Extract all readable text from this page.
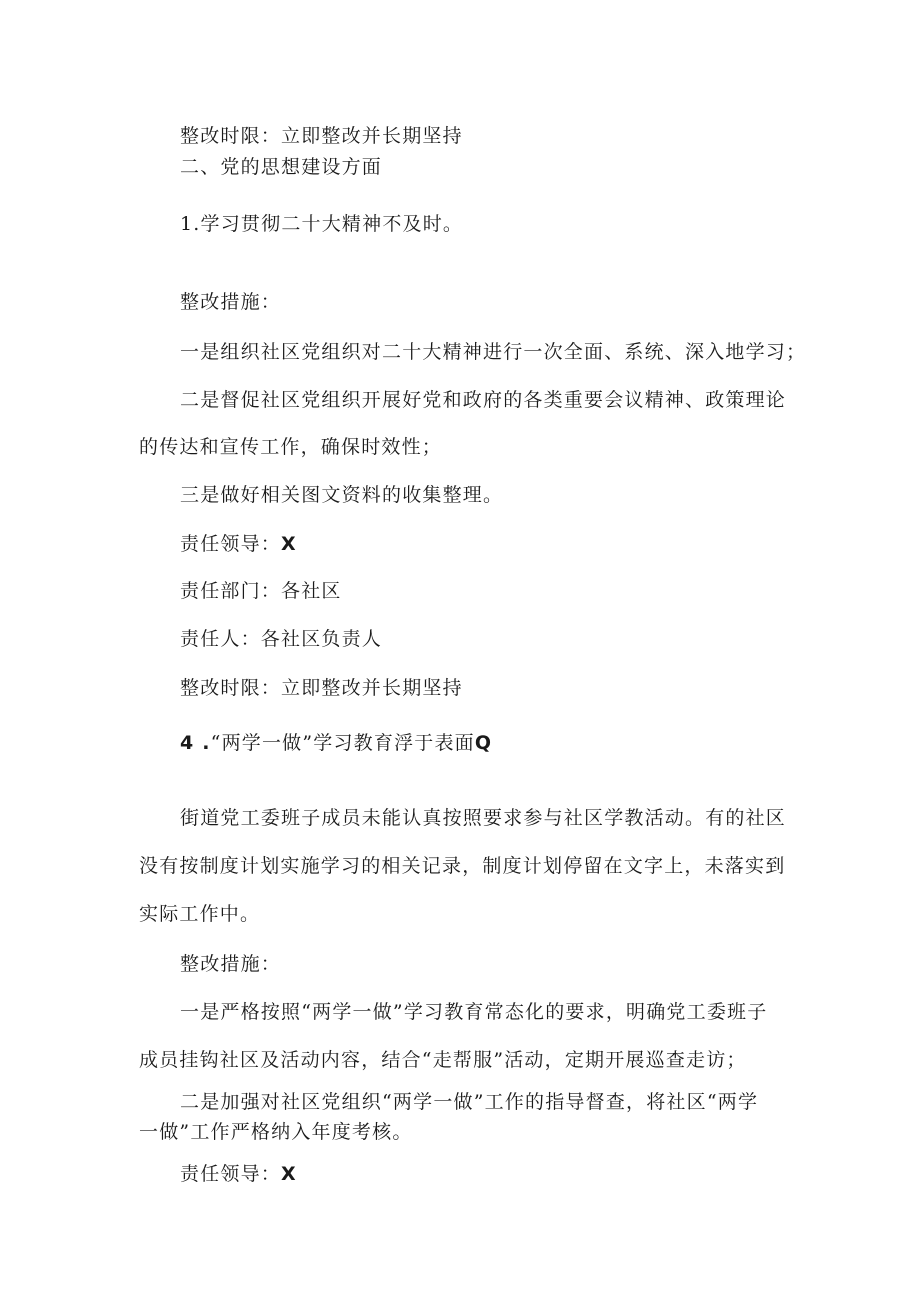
整改时限：立即整改并长期坚持
二、党的思想建设方面
1.学习贯彻二十大精神不及时。
整改措施：
一是组织社区党组织对二十大精神进行一次全面、系统、深入地学习；
二是督促社区党组织开展好党和政府的各类重要会议精神、政策理论
的传达和宣传工作，确保时效性；
三是做好相关图文资料的收集整理。
责任领导：X
责任部门：各社区
责任人：各社区负责人
整改时限：立即整改并长期坚持
4 .“两学一做”学习教育浮于表面Q
街道党工委班子成员未能认真按照要求参与社区学教活动。有的社区
没有按制度计划实施学习的相关记录，制度计划停留在文字上，未落实到
实际工作中。
整改措施：
一是严格按照“两学一做”学习教育常态化的要求，明确党工委班子
成员挂钩社区及活动内容，结合“走帮服”活动，定期开展巡查走访；
二是加强对社区党组织“两学一做”工作的指导督查，将社区“两学
一做”工作严格纳入年度考核。
责任领导：X
